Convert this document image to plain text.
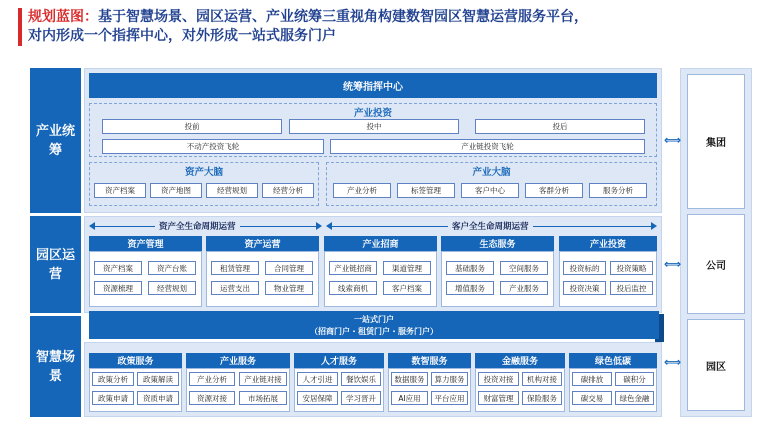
规划蓝图：基于智慧场景、园区运营、产业统筹三重视角构建数智园区智慧运营服务平台，
对内形成一个指挥中心，对外形成一站式服务门户
产业统筹
园区运营
智慧场景
统筹指挥中心
产业投资
投前	投中	投后
不动产投资飞轮	产业链投资飞轮
资产大脑
资产档案	资产地图	经营规划	经营分析
产业大脑
产业分析	标签管理	客户中心	客群分析	服务分析
资产全生命周期运营	客户全生命周期运营
资产管理
资产档案	资产台账
资源梳理	经营规划
资产运营
租赁管理	合同管理
运营支出	物业管理
产业招商
产业链招商	渠道管理
线索商机	客户档案
生态服务
基础服务	空间服务
增值服务	产业服务
产业投资
投资标的	投资策略
投资决策	投后监控
一站式门户
（招商门户・租赁门户・服务门户）
政策服务
政策分析	政策解读
政策申请	资质申请
产业服务
产业分析	产业链对接
资源对接	市场拓展
人才服务
人才引进	餐饮娱乐
安居保障	学习晋升
数智服务
数据服务	算力服务
AI应用	平台应用
金融服务
投资对接	机构对接
财富管理	保险服务
绿色低碳
碳排放	碳积分
碳交易	绿色金融
集团
公司
园区
⟺
⟺
⟺
